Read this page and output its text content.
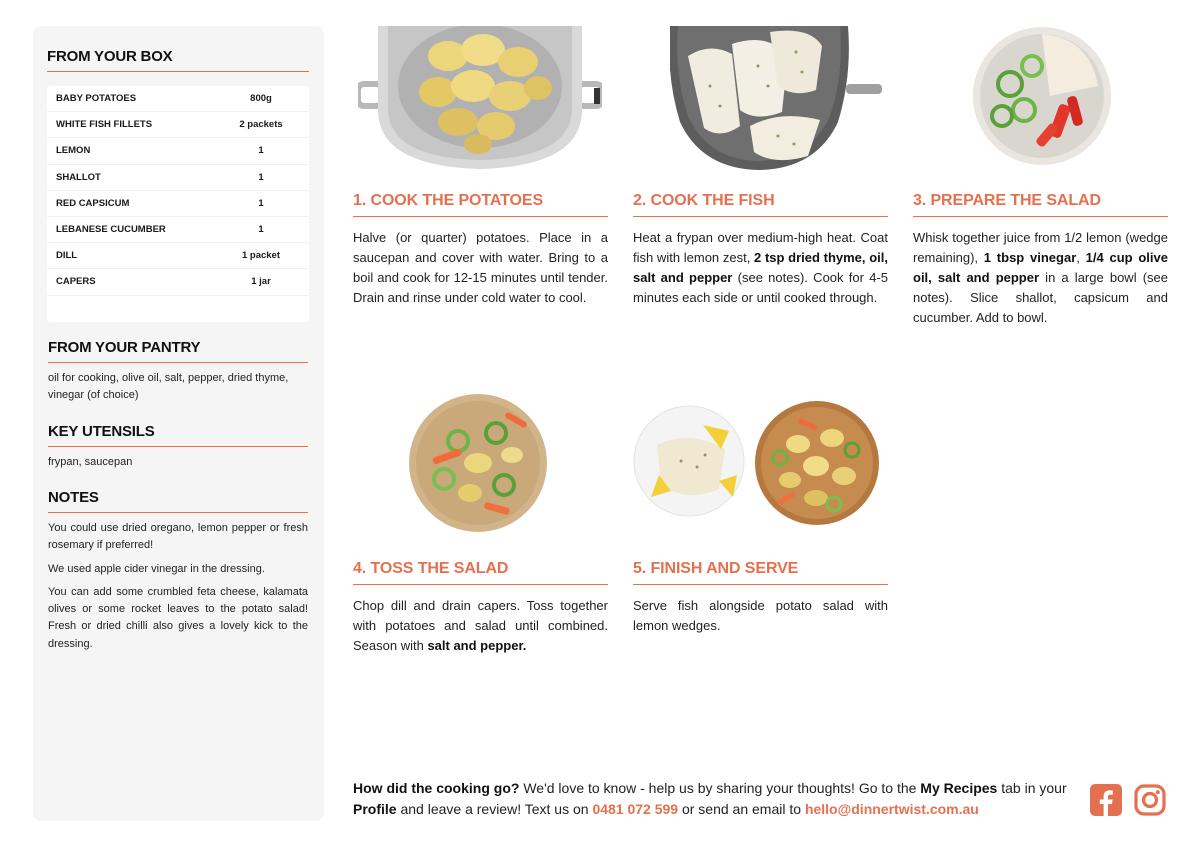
FROM YOUR BOX
BABY POTATOES	800g
WHITE FISH FILLETS	2 packets
LEMON	1
SHALLOT	1
RED CAPSICUM	1
LEBANESE CUCUMBER	1
DILL	1 packet
CAPERS	1 jar
FROM YOUR PANTRY
oil for cooking, olive oil, salt, pepper, dried thyme, vinegar (of choice)
KEY UTENSILS
frypan, saucepan
NOTES
You could use dried oregano, lemon pepper or fresh rosemary if preferred!
We used apple cider vinegar in the dressing.
You can add some crumbled feta cheese, kalamata olives or some rocket leaves to the potato salad! Fresh or dried chilli also gives a lovely kick to the dressing.
1. COOK THE POTATOES
Halve (or quarter) potatoes. Place in a saucepan and cover with water. Bring to a boil and cook for 12-15 minutes until tender. Drain and rinse under cold water to cool.
2. COOK THE FISH
Heat a frypan over medium-high heat. Coat fish with lemon zest, 2 tsp dried thyme, oil, salt and pepper (see notes). Cook for 4-5 minutes each side or until cooked through.
3. PREPARE THE SALAD
Whisk together juice from 1/2 lemon (wedge remaining), 1 tbsp vinegar, 1/4 cup olive oil, salt and pepper in a large bowl (see notes). Slice shallot, capsicum and cucumber. Add to bowl.
4. TOSS THE SALAD
Chop dill and drain capers. Toss together with potatoes and salad until combined. Season with salt and pepper.
5. FINISH AND SERVE
Serve fish alongside potato salad with lemon wedges.
How did the cooking go? We'd love to know - help us by sharing your thoughts! Go to the My Recipes tab in your Profile and leave a review! Text us on 0481 072 599 or send an email to hello@dinnertwist.com.au
